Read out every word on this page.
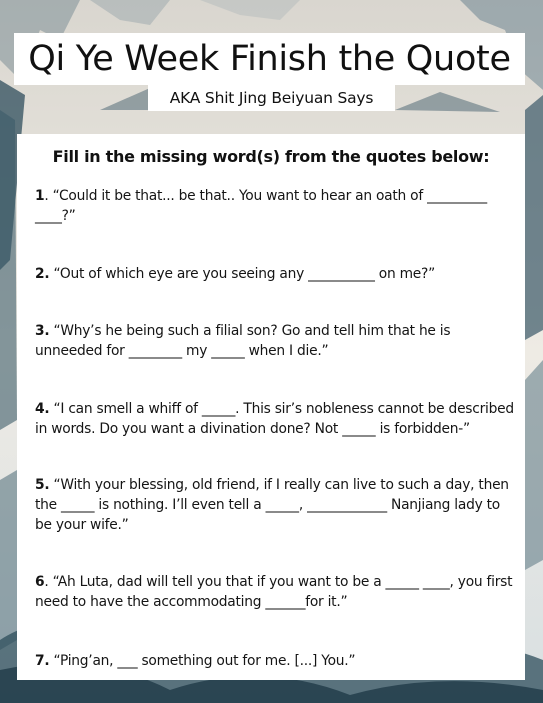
Qi Ye Week Finish the Quote
AKA Shit Jing Beiyuan Says
Fill in the missing word(s) from the quotes below:
1. “Could it be that... be that.. You want to hear an oath of _________ ____?”
2. “Out of which eye are you seeing any __________ on me?”
3. “Why’s he being such a filial son? Go and tell him that he is unneeded for ________ my _____ when I die.”
4. “I can smell a whiff of _____. This sir’s nobleness cannot be described in words. Do you want a divination done? Not _____ is forbidden-”
5. “With your blessing, old friend, if I really can live to such a day, then the _____ is nothing. I’ll even tell a _____, ____________ Nanjiang lady to be your wife.”
6. “Ah Luta, dad will tell you that if you want to be a _____ ____, you first need to have the accommodating ______for it.”
7. “Ping’an, ___ something out for me. [...] You.”
